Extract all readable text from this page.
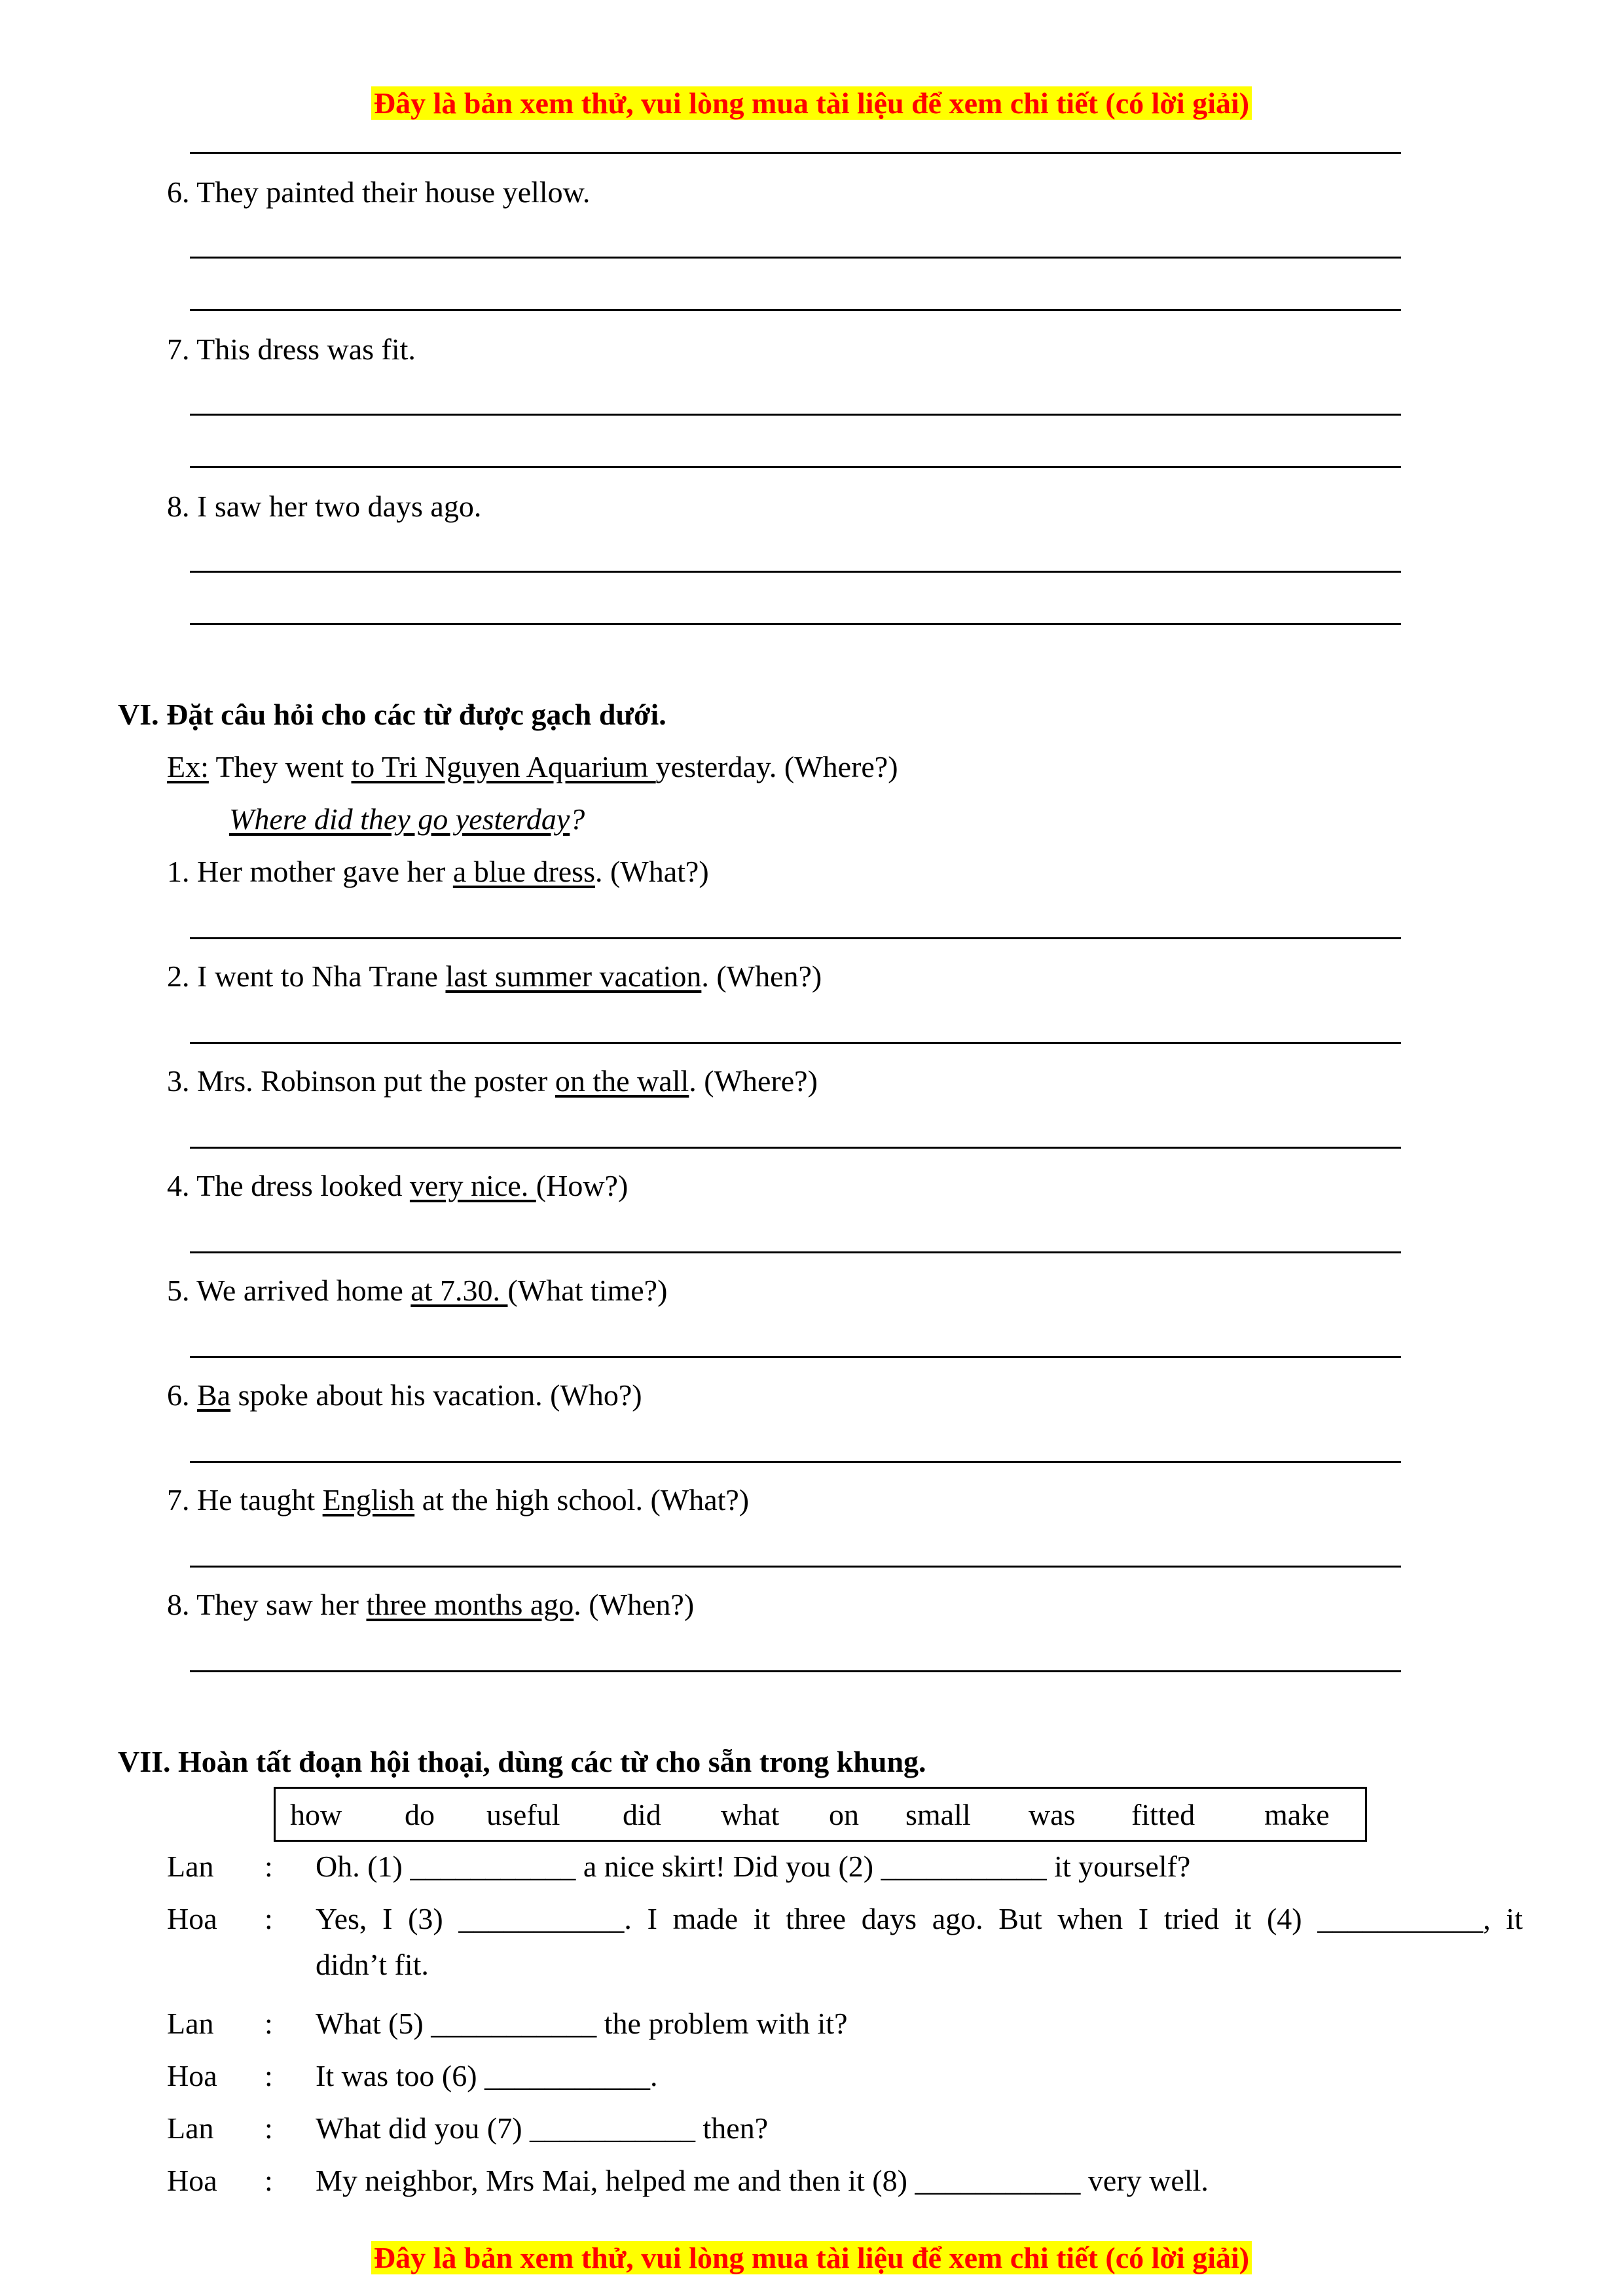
Đây là bản xem thử, vui lòng mua tài liệu để xem chi tiết (có lời giải)
6. They painted their house yellow.
7. This dress was fit.
8. I saw her two days ago.
VI. Đặt câu hỏi cho các từ được gạch dưới.
Ex: They went to Tri Nguyen Aquarium yesterday. (Where?)
Where did they go yesterday?
1. Her mother gave her a blue dress. (What?)
2. I went to Nha Trane last summer vacation. (When?)
3. Mrs. Robinson put the poster on the wall. (Where?)
4. The dress looked very nice. (How?)
5. We arrived home at 7.30. (What time?)
6. Ba spoke about his vacation. (Who?)
7. He taught English at the high school. (What?)
8. They saw her three months ago. (When?)
VII. Hoàn tất đoạn hội thoại, dùng các từ cho sẵn trong khung.
how do useful did what on small was fitted make
Lan : Oh. (1) ___________ a nice skirt! Did you (2) ___________ it yourself?
Hoa : Yes, I (3) ___________. I made it three days ago. But when I tried it (4) ___________, it
didn’t fit.
Lan : What (5) ___________ the problem with it?
Hoa : It was too (6) ___________.
Lan : What did you (7) ___________ then?
Hoa : My neighbor, Mrs Mai, helped me and then it (8) ___________ very well.
Đây là bản xem thử, vui lòng mua tài liệu để xem chi tiết (có lời giải)
